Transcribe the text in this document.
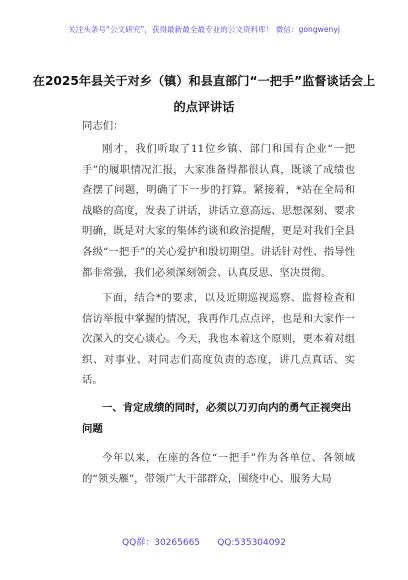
关注头条号“公文研究”，获得最新最全最专业的公文资料库！ 微信：gongwenyj
在2025年县关于对乡（镇）和县直部门“一把手”监督谈话会上的点评讲话

同志们：

刚才，我们听取了11位乡镇、部门和国有企业“一把手”的履职情况汇报，大家准备得都很认真，既谈了成绩也查摆了问题，明确了下一步的打算。紧接着，*站在全局和战略的高度，发表了讲话，讲话立意高远、思想深刻、要求明确，既是对大家的集体约谈和政治提醒，更是对我们全县各级“一把手”的关心爱护和殷切期望。讲话针对性、指导性都非常强，我们必须深刻领会、认真反思、坚决贯彻。

下面，结合*的要求，以及近期巡视巡察、监督检查和信访举报中掌握的情况，我再作几点点评，也是和大家作一次深入的交心谈心。今天，我也本着这个原则，更本着对组织、对事业、对同志们高度负责的态度，讲几点真话、实话。

一、肯定成绩的同时，必须以刀刃向内的勇气正视突出问题

今年以来，在座的各位“一把手”作为各单位、各领域的“领头雁”，带领广大干部群众，围绕中心、服务大局

QQ群：30265665 QQ:535304092
